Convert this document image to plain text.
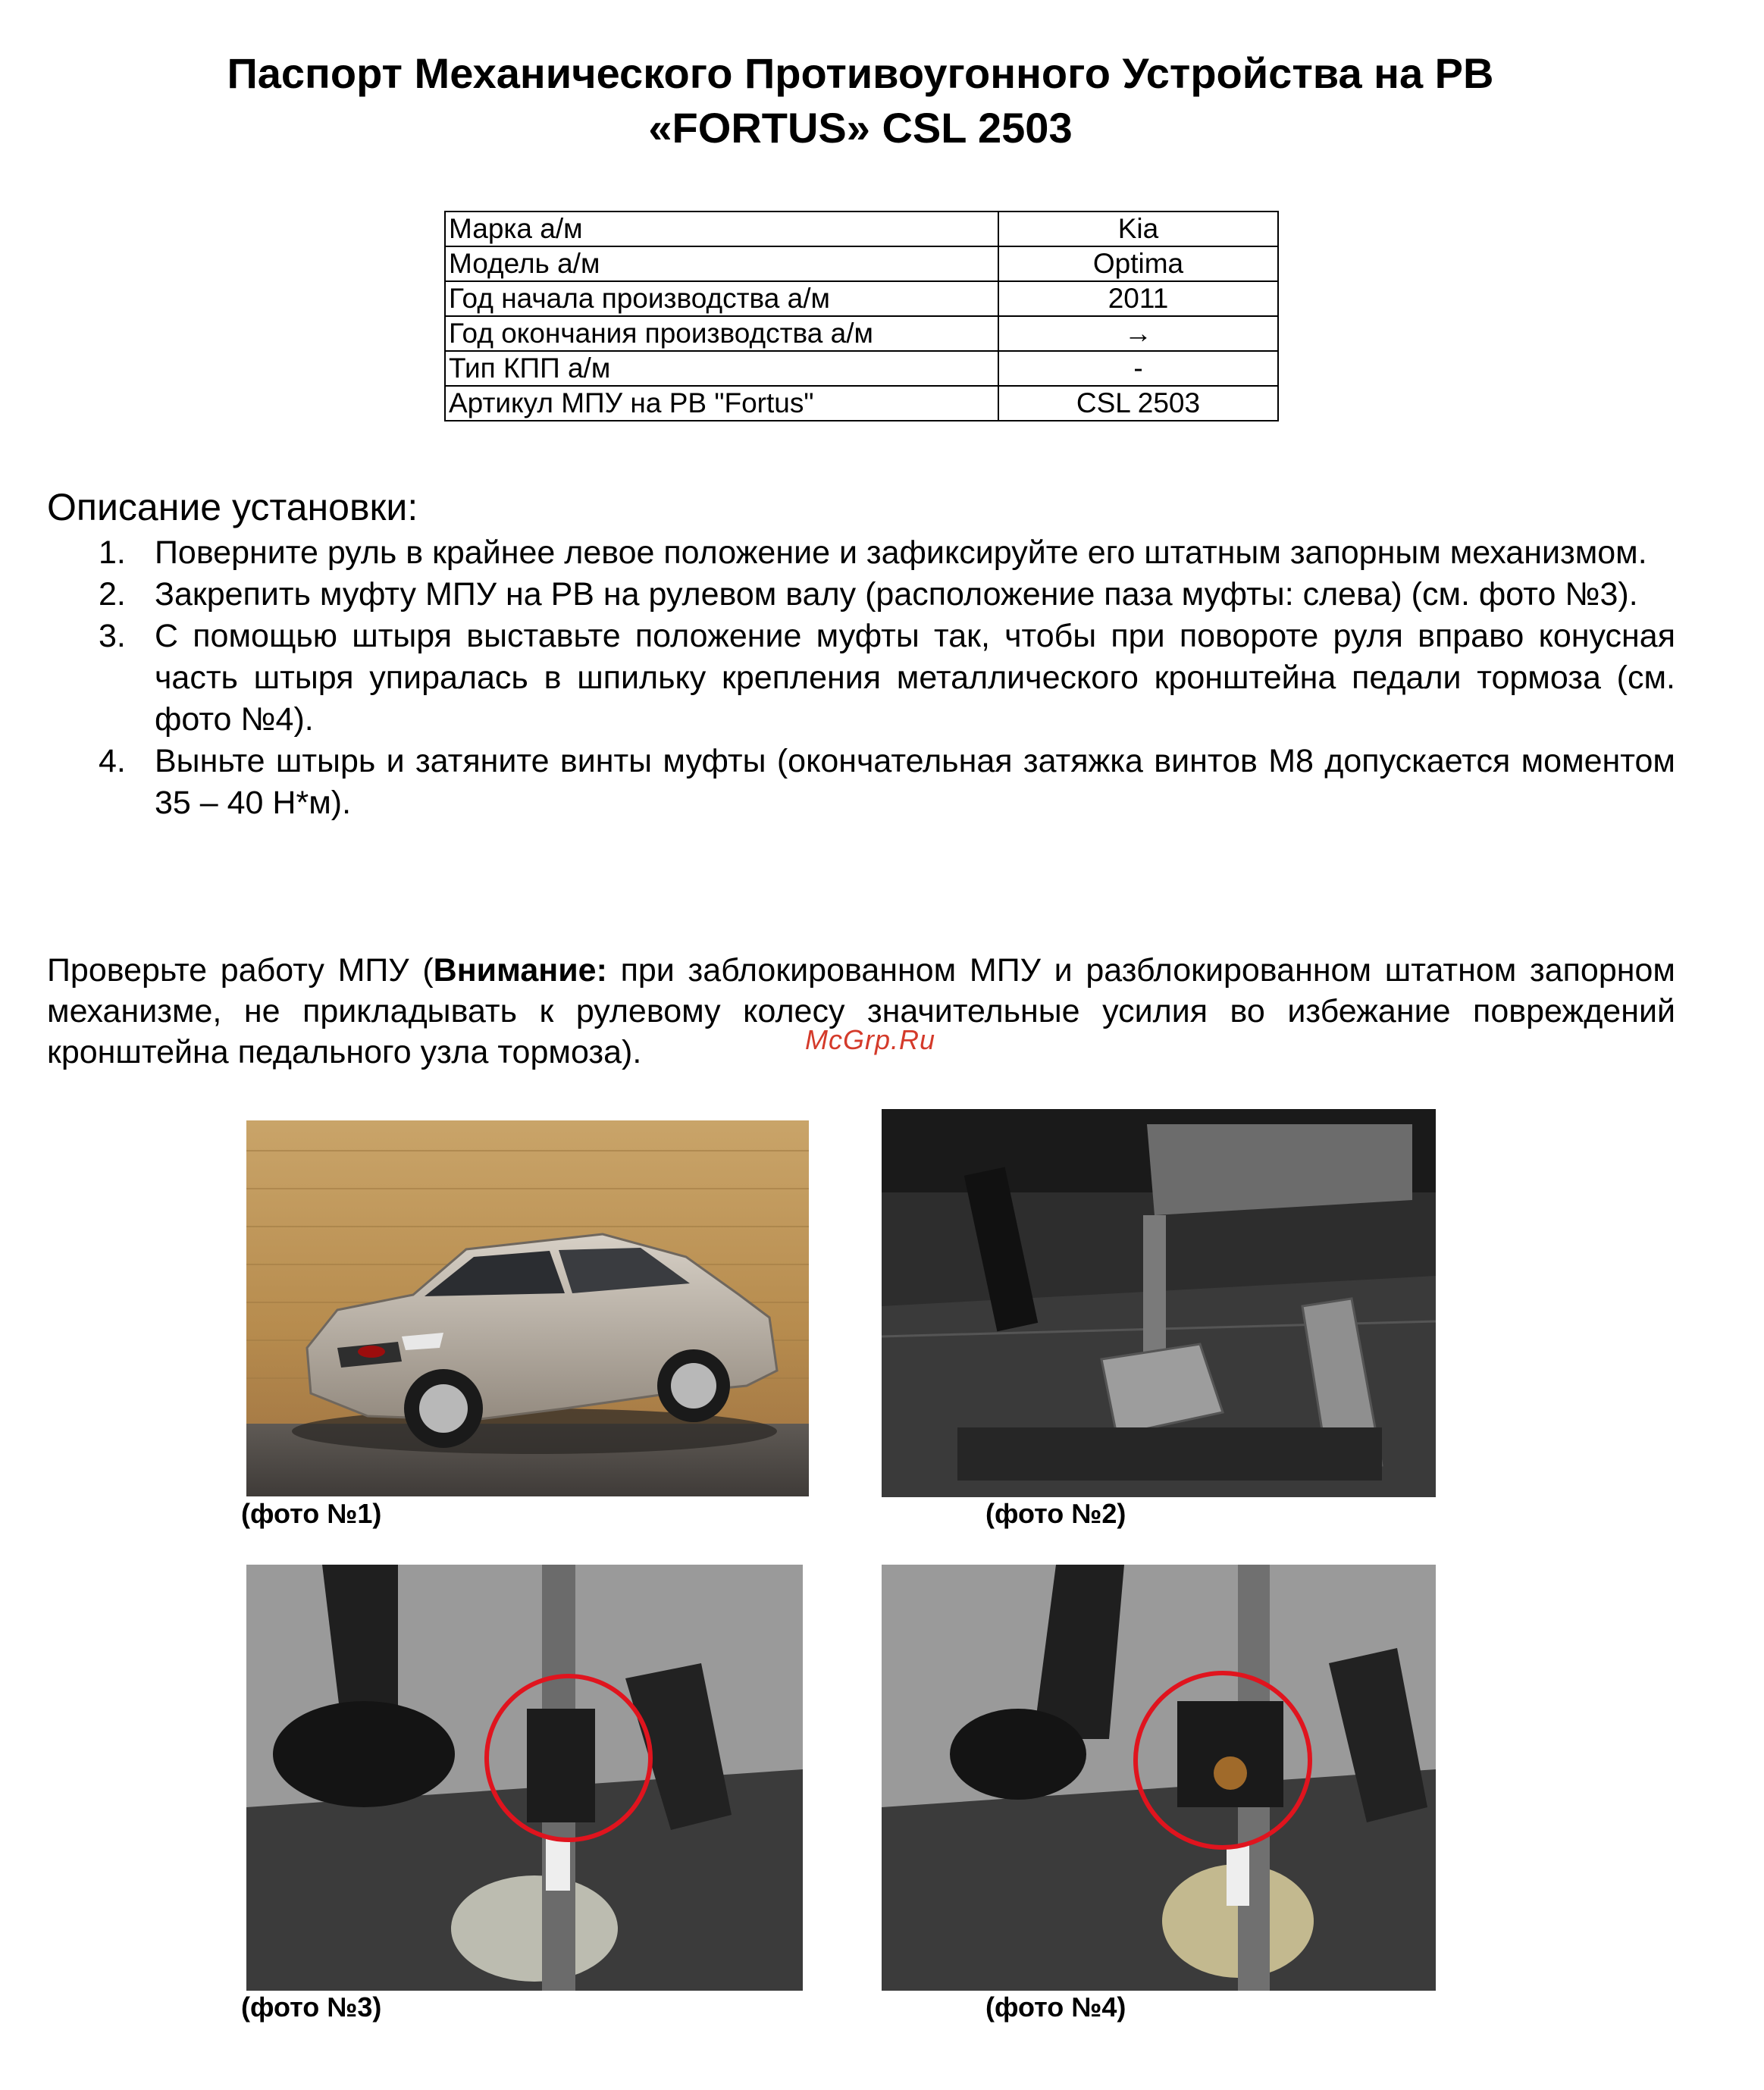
Паспорт Механического Противоугонного Устройства на РВ
«FORTUS» CSL 2503
Марка а/м	Kia
Модель а/м	Optima
Год начала производства а/м	2011
Год окончания производства а/м	→
Тип КПП а/м	-
Артикул МПУ на РВ "Fortus"	CSL 2503
Описание установки:
1. Поверните руль в крайнее левое положение и зафиксируйте его штатным запорным механизмом.
2. Закрепить муфту МПУ на РВ на рулевом валу (расположение паза муфты: слева) (см. фото №3).
3. С помощью штыря выставьте положение муфты так, чтобы при повороте руля вправо конусная часть штыря упиралась в шпильку крепления металлического кронштейна педали тормоза (см. фото №4).
4. Выньте штырь и затяните винты муфты (окончательная затяжка винтов М8 допускается моментом 35 – 40 Н*м).
Проверьте работу МПУ (Внимание: при заблокированном МПУ и разблокированном штатном запорном механизме, не прикладывать к рулевому колесу значительные усилия во избежание повреждений кронштейна педального узла тормоза).	McGrp.Ru
(фото №1)	(фото №2)
(фото №3)	(фото №4)
